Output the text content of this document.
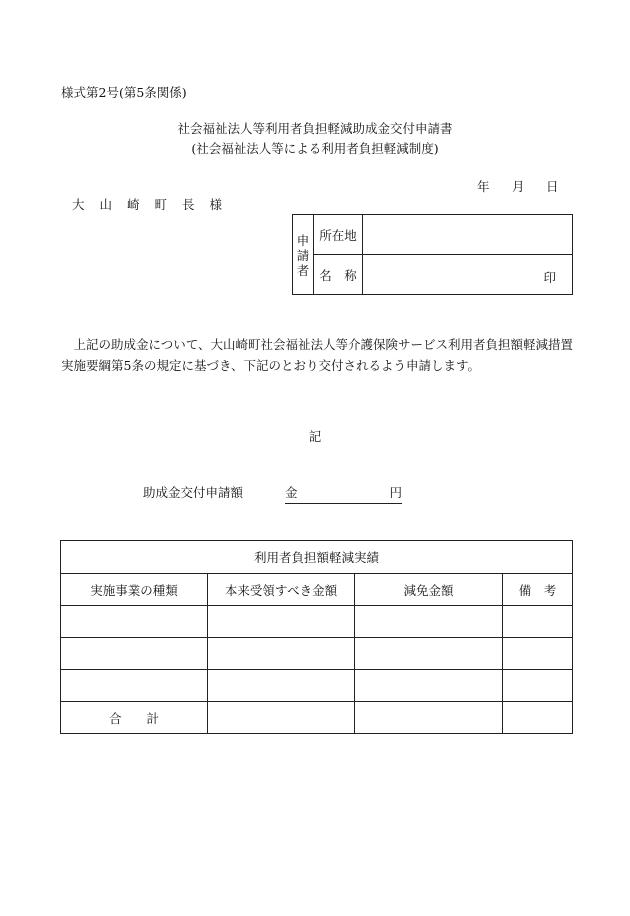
様式第2号(第5条関係)
社会福祉法人等利用者負担軽減助成金交付申請書
(社会福祉法人等による利用者負担軽減制度)
年 月 日
大山崎町長様
申
請
者	所在地	
	名　称	印
　上記の助成金について、大山崎町社会福祉法人等介護保険サービス利用者負担額軽減措置実施要綱第5条の規定に基づき、下記のとおり交付されるよう申請します。
記
助成金交付申請額	金	円
利用者負担額軽減実績			
実施事業の種類	本来受領すべき金額	減免金額	備　考

合　　計			
